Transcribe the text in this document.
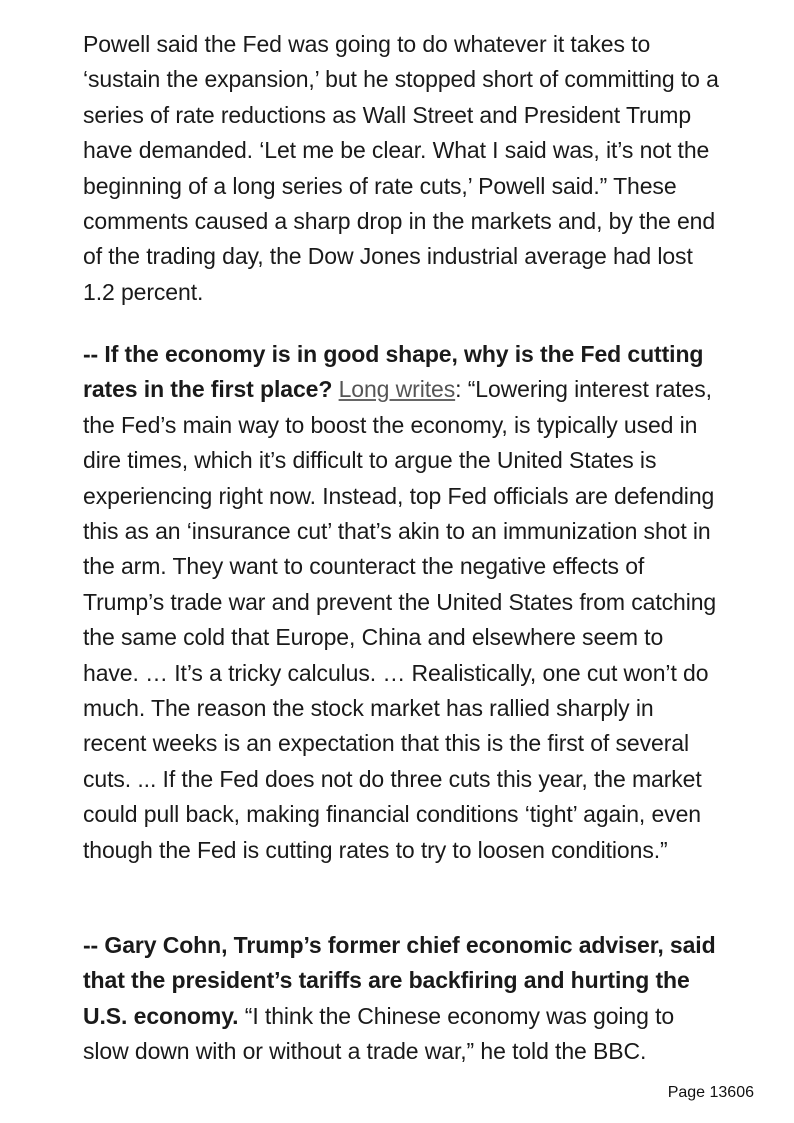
Powell said the Fed was going to do whatever it takes to ‘sustain the expansion,’ but he stopped short of committing to a series of rate reductions as Wall Street and President Trump have demanded. ‘Let me be clear. What I said was, it’s not the beginning of a long series of rate cuts,’ Powell said.” These comments caused a sharp drop in the markets and, by the end of the trading day, the Dow Jones industrial average had lost 1.2 percent.

-- If the economy is in good shape, why is the Fed cutting rates in the first place? Long writes: “Lowering interest rates, the Fed’s main way to boost the economy, is typically used in dire times, which it’s difficult to argue the United States is experiencing right now. Instead, top Fed officials are defending this as an ‘insurance cut’ that’s akin to an immunization shot in the arm. They want to counteract the negative effects of Trump’s trade war and prevent the United States from catching the same cold that Europe, China and elsewhere seem to have. … It’s a tricky calculus. … Realistically, one cut won’t do much. The reason the stock market has rallied sharply in recent weeks is an expectation that this is the first of several cuts. ... If the Fed does not do three cuts this year, the market could pull back, making financial conditions ‘tight’ again, even though the Fed is cutting rates to try to loosen conditions.”

-- Gary Cohn, Trump’s former chief economic adviser, said that the president’s tariffs are backfiring and hurting the U.S. economy. “I think the Chinese economy was going to slow down with or without a trade war,” he told the BBC.

Page 13606
